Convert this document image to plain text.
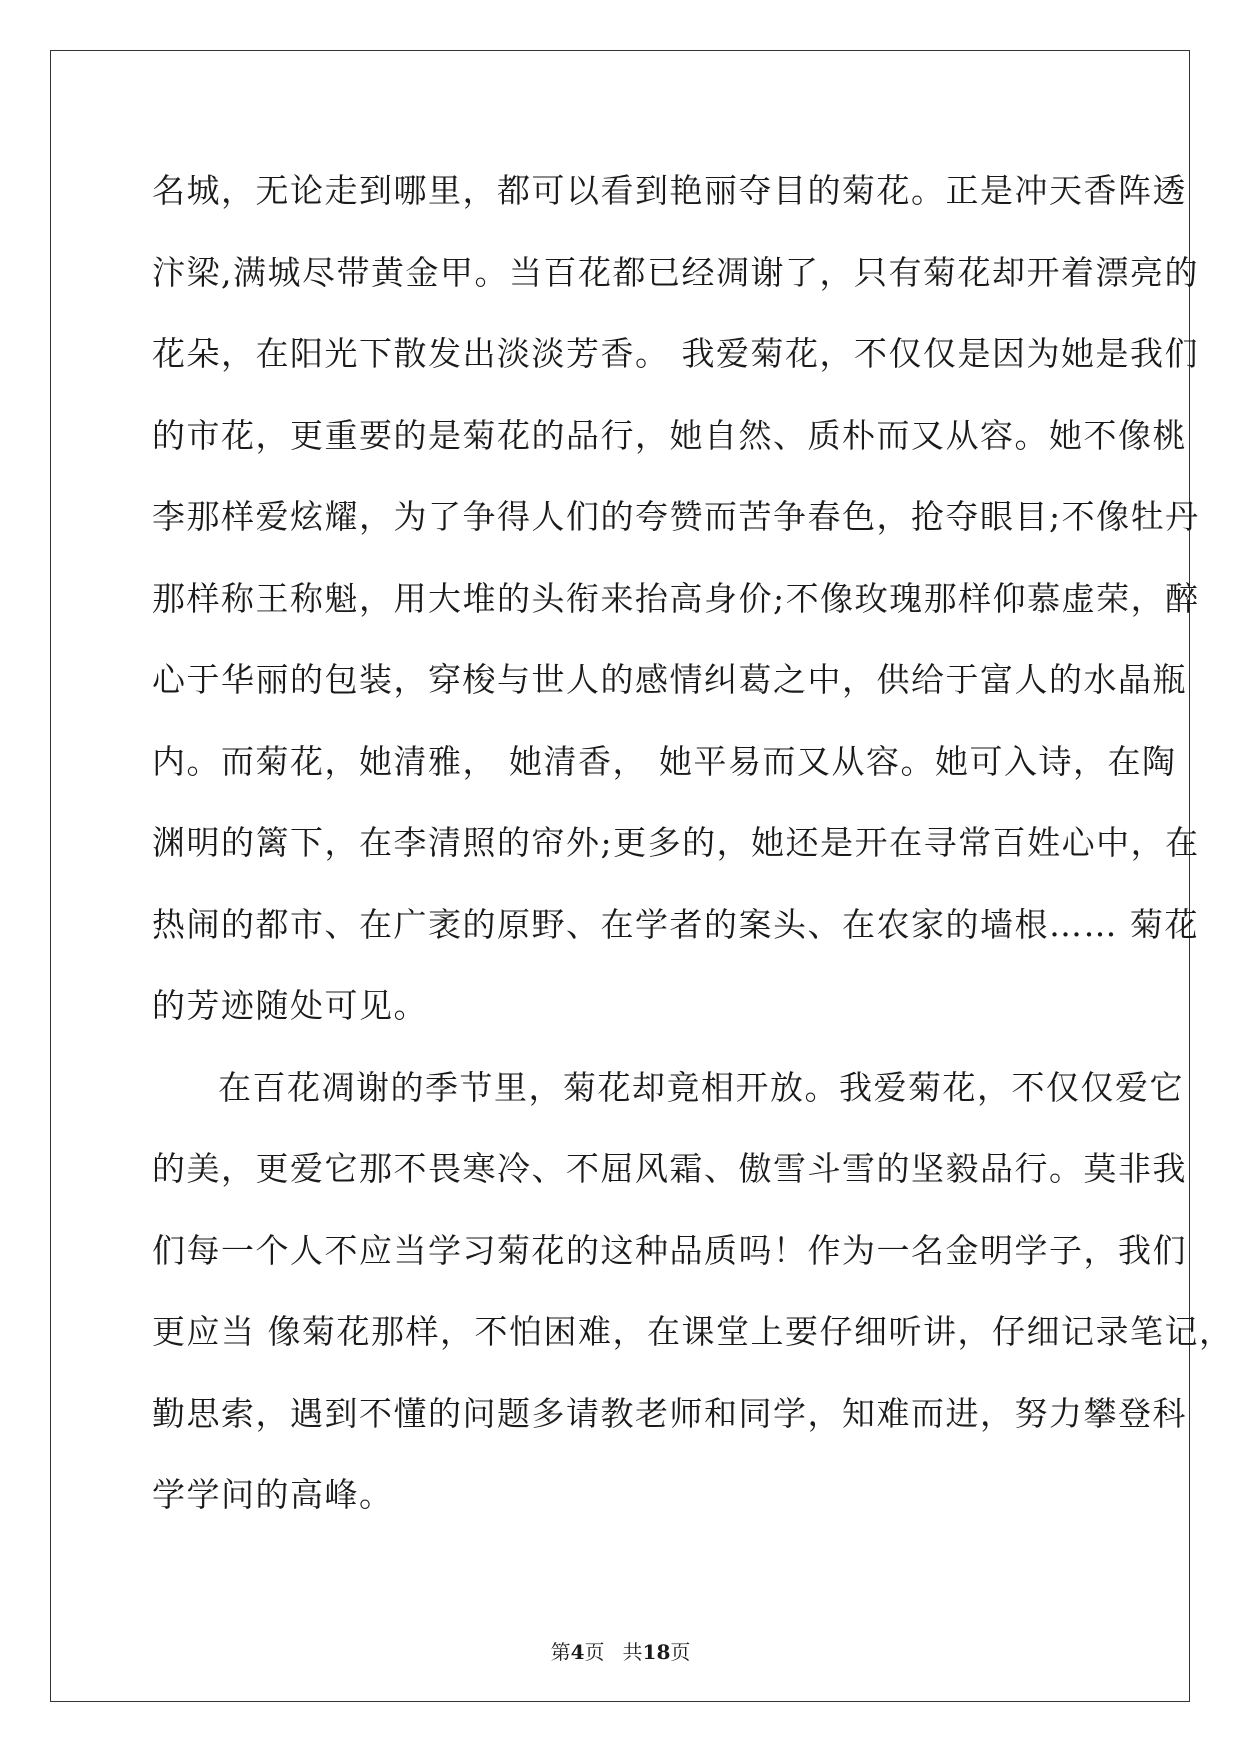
名城，无论走到哪里，都可以看到艳丽夺目的菊花。正是冲天香阵透
汴梁,满城尽带黄金甲。当百花都已经凋谢了，只有菊花却开着漂亮的
花朵，在阳光下散发出淡淡芳香。 我爱菊花，不仅仅是因为她是我们
的市花，更重要的是菊花的品行，她自然、质朴而又从容。她不像桃
李那样爱炫耀，为了争得人们的夸赞而苦争春色，抢夺眼目;不像牡丹
那样称王称魁，用大堆的头衔来抬高身价;不像玫瑰那样仰慕虚荣，醉
心于华丽的包装，穿梭与世人的感情纠葛之中，供给于富人的水晶瓶
内。而菊花，她清雅， 她清香， 她平易而又从容。她可入诗，在陶
渊明的篱下，在李清照的帘外;更多的，她还是开在寻常百姓心中，在
热闹的都市、在广袤的原野、在学者的案头、在农家的墙根…… 菊花
的芳迹随处可见。
在百花凋谢的季节里，菊花却竟相开放。我爱菊花，不仅仅爱它
的美，更爱它那不畏寒冷、不屈风霜、傲雪斗雪的坚毅品行。莫非我
们每一个人不应当学习菊花的这种品质吗！作为一名金明学子，我们
更应当 像菊花那样，不怕困难，在课堂上要仔细听讲，仔细记录笔记，
勤思索，遇到不懂的问题多请教老师和同学，知难而进，努力攀登科
学学问的高峰。
第4页 共18页
